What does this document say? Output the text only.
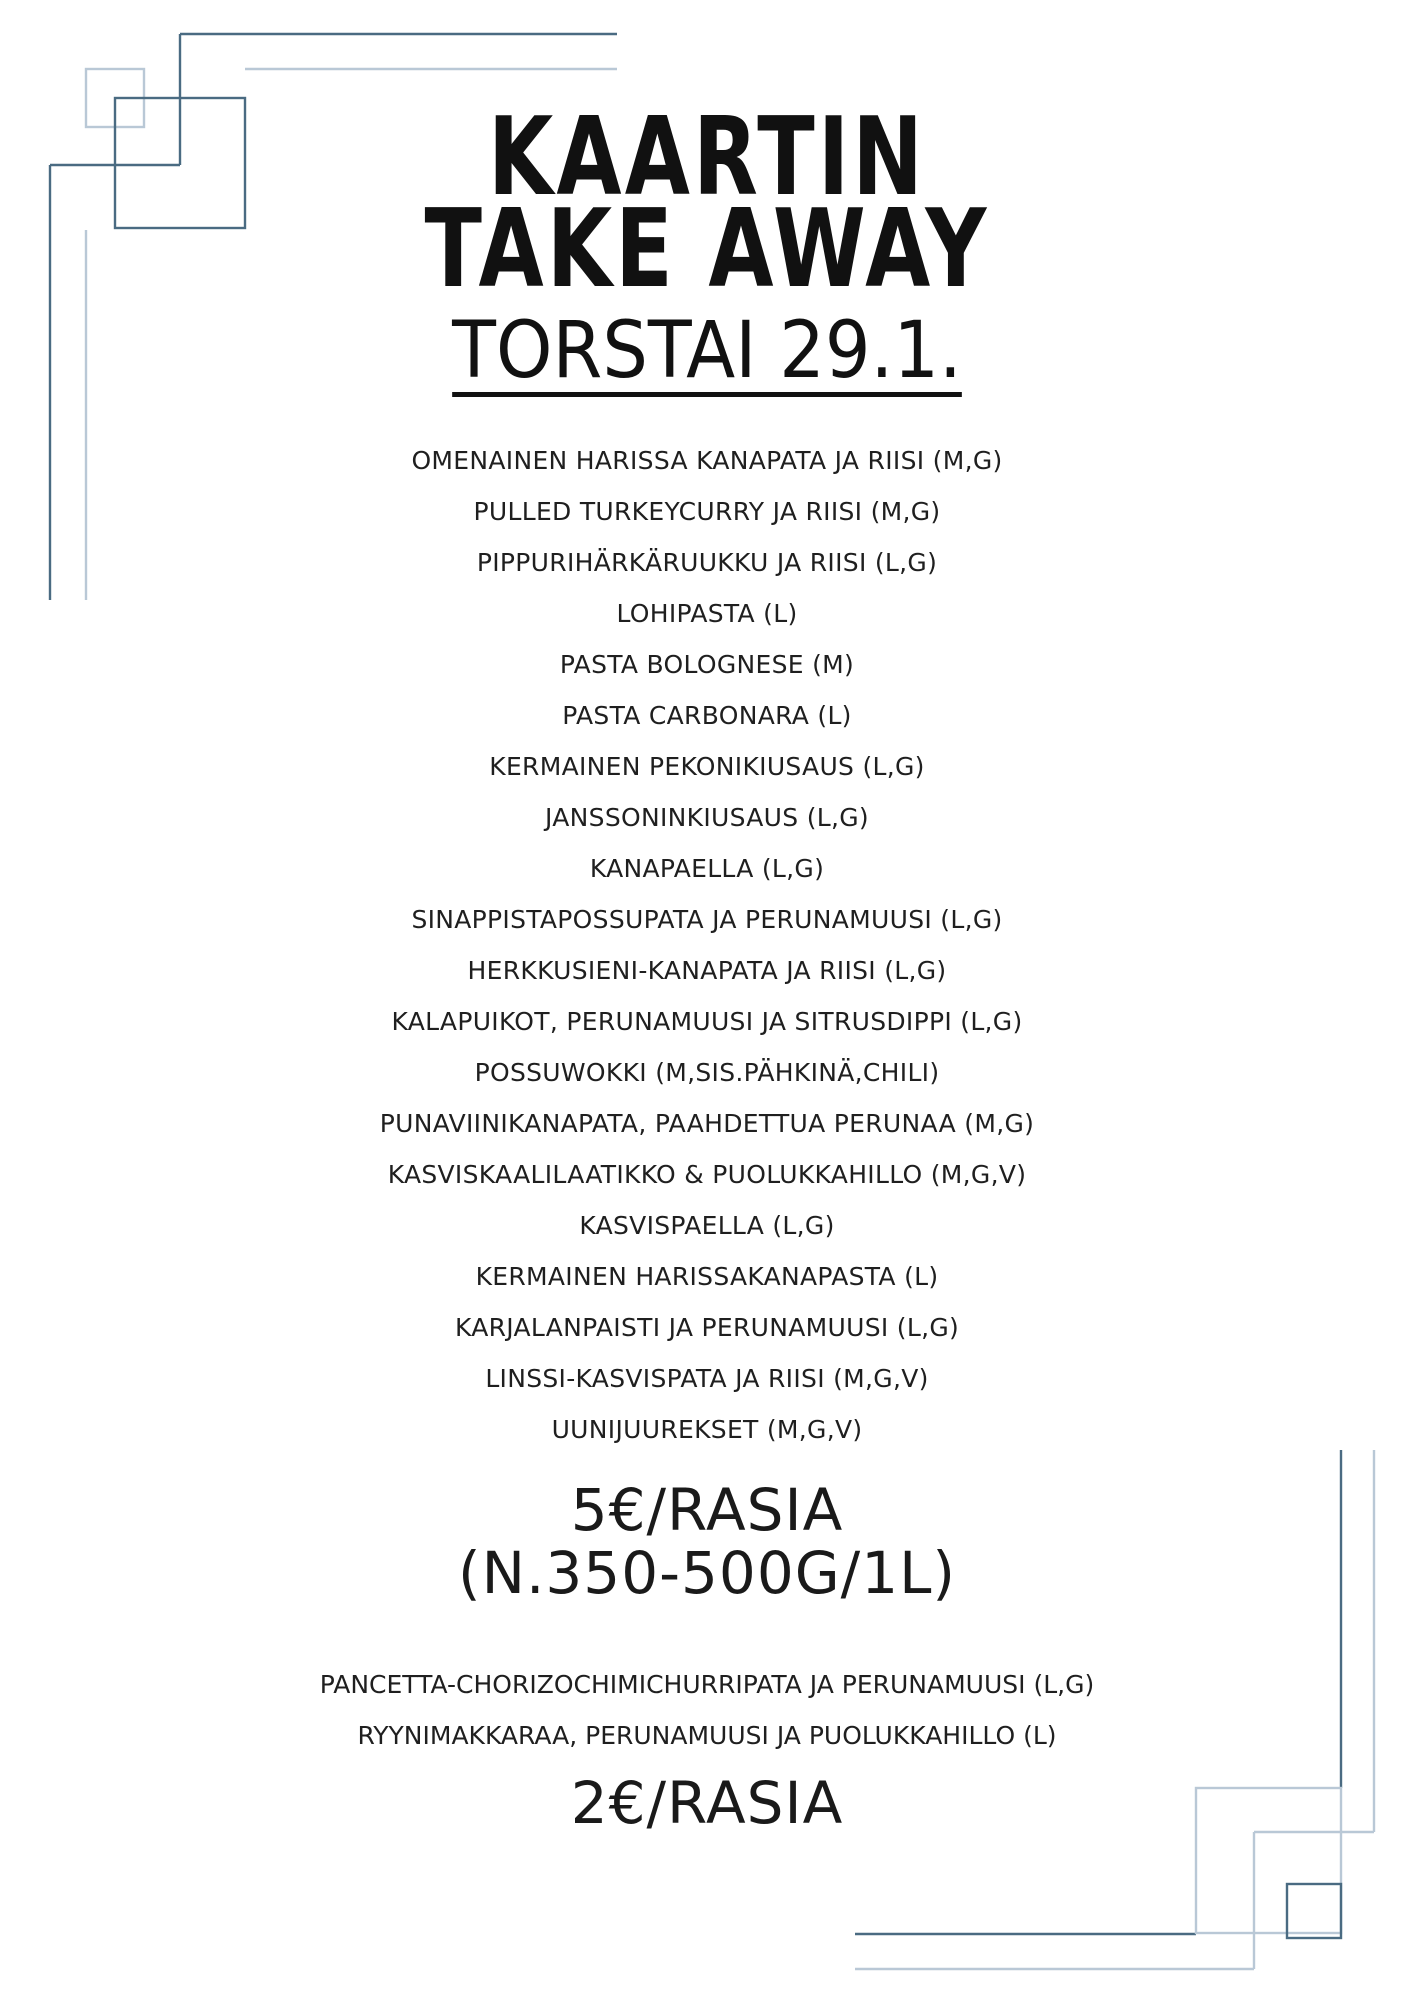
KAARTIN
TAKE AWAY
TORSTAI 29.1.
OMENAINEN HARISSA KANAPATA JA RIISI (M,G)
PULLED TURKEYCURRY JA RIISI (M,G)
PIPPURIHÄRKÄRUUKKU JA RIISI (L,G)
LOHIPASTA (L)
PASTA BOLOGNESE (M)
PASTA CARBONARA (L)
KERMAINEN PEKONIKIUSAUS (L,G)
JANSSONINKIUSAUS (L,G)
KANAPAELLA (L,G)
SINAPPISTAPOSSUPATA JA PERUNAMUUSI (L,G)
HERKKUSIENI-KANAPATA JA RIISI (L,G)
KALAPUIKOT, PERUNAMUUSI JA SITRUSDIPPI (L,G)
POSSUWOKKI (M,SIS.PÄHKINÄ,CHILI)
PUNAVIINIKANAPATA, PAAHDETTUA PERUNAA (M,G)
KASVISKAALILAATIKKO & PUOLUKKAHILLO (M,G,V)
KASVISPAELLA (L,G)
KERMAINEN HARISSAKANAPASTA (L)
KARJALANPAISTI JA PERUNAMUUSI (L,G)
LINSSI-KASVISPATA JA RIISI (M,G,V)
UUNIJUUREKSET (M,G,V)
5€/RASIA
(N.350-500G/1L)
PANCETTA-CHORIZOCHIMICHURRIPATA JA PERUNAMUUSI (L,G)
RYYNIMAKKARAA, PERUNAMUUSI JA PUOLUKKAHILLO (L)
2€/RASIA
